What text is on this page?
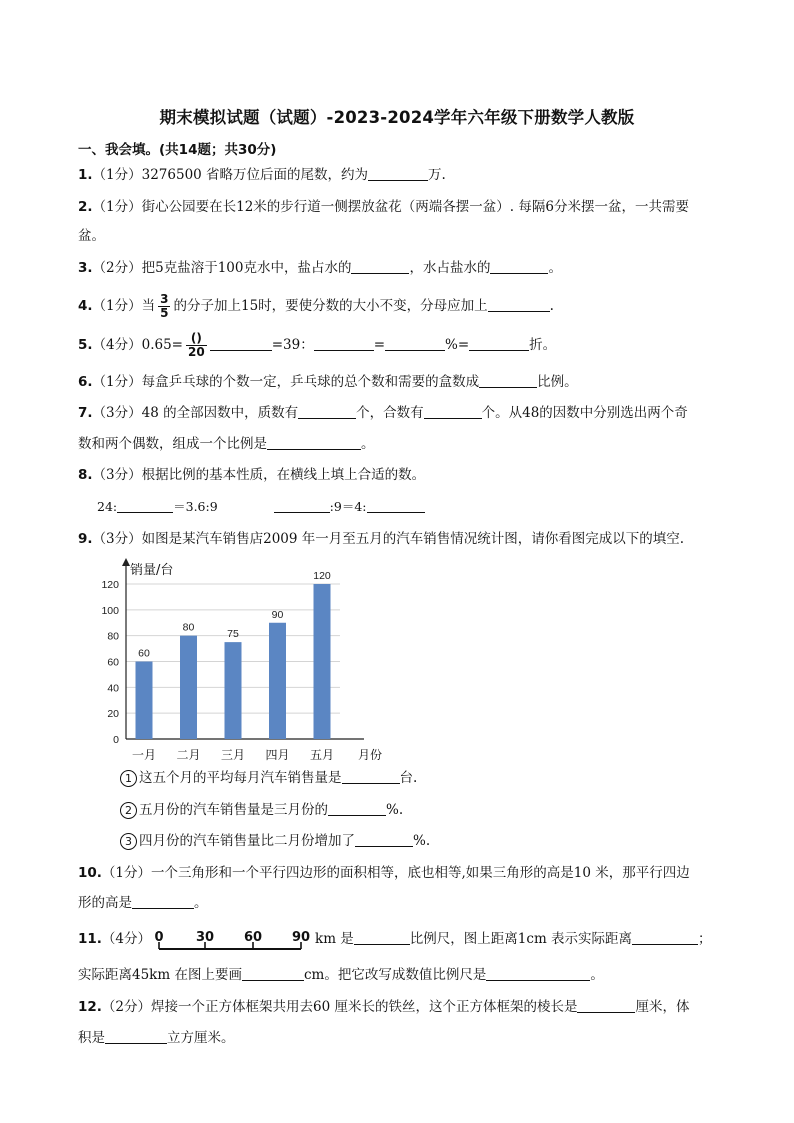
期末模拟试题（试题）-2023-2024学年六年级下册数学人教版
一、我会填。(共14题；共30分)
1.（1分）3276500 省略万位后面的尾数，约为	万.
2.（1分）街心公园要在长12米的步行道一侧摆放盆花（两端各摆一盆）. 每隔6分米摆一盆，一共需要
盆。
3.（2分）把5克盐溶于100克水中，盐占水的	，水占盐水的	。
4.（1分）当 $\frac{3}{5}$ 的分子加上15时，要使分数的大小不变，分母应加上	.
5.（4分）$0.65= \frac{()}{20}$	=39：	=	%=	折。
6.（1分）每盒乒乓球的个数一定，乒乓球的总个数和需要的盒数成	比例。
7.（3分）48 的全部因数中，质数有	个，合数有	个。从48的因数中分别选出两个奇
数和两个偶数，组成一个比例是	。
8.（3分）根据比例的基本性质，在横线上填上合适的数。
24:	＝3.6:9	:9＝4:
9.（3分）如图是某汽车销售店2009 年一月至五月的汽车销售情况统计图，请你看图完成以下的填空.
0
20
40
60
80
100
120
60
一月
80
二月
75
三月
90
四月
120
五月
销量/台
月份
1 这五个月的平均每月汽车销售量是	台.
2 五月份的汽车销售量是三月份的	%.
3 四月份的汽车销售量比二月份增加了	%.
10.（1分）一个三角形和一个平行四边形的面积相等，底也相等,如果三角形的高是10 米，那平行四边
形的高是	。
11.（4分） 0 30 60 90 km 是	比例尺，图上距离1cm 表示实际距离	；
实际距离45km 在图上要画	cm。把它改写成数值比例尺是	。
12.（2分）焊接一个正方体框架共用去60 厘米长的铁丝，这个正方体框架的棱长是	厘米，体
积是	立方厘米。
